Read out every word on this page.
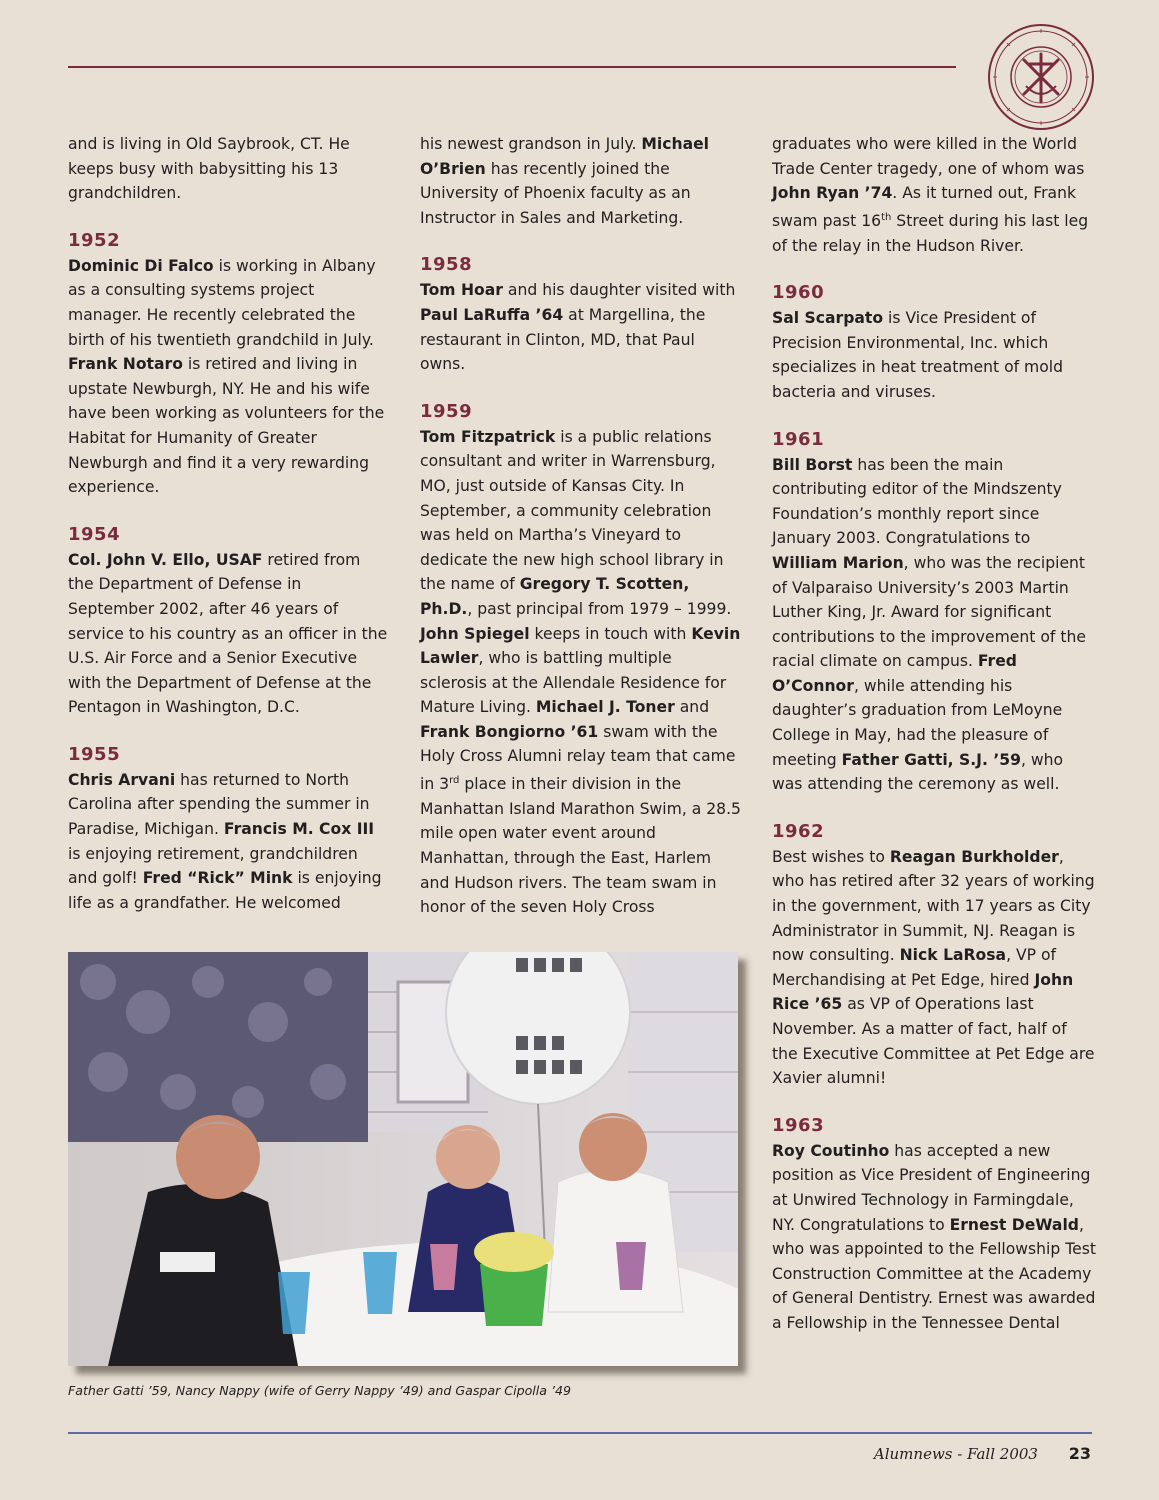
and is living in Old Saybrook, CT. He keeps busy with babysitting his 13 grandchildren.

1952

Dominic Di Falco is working in Albany as a consulting systems project manager. He recently celebrated the birth of his twentieth grandchild in July. Frank Notaro is retired and living in upstate Newburgh, NY. He and his wife have been working as volunteers for the Habitat for Humanity of Greater Newburgh and find it a very rewarding experience.

1954

Col. John V. Ello, USAF retired from the Department of Defense in September 2002, after 46 years of service to his country as an officer in the U.S. Air Force and a Senior Executive with the Department of Defense at the Pentagon in Washington, D.C.

1955

Chris Arvani has returned to North Carolina after spending the summer in Paradise, Michigan. Francis M. Cox III is enjoying retirement, grandchildren and golf! Fred “Rick” Mink is enjoying life as a grandfather. He welcomed

his newest grandson in July. Michael O’Brien has recently joined the University of Phoenix faculty as an Instructor in Sales and Marketing.

1958

Tom Hoar and his daughter visited with Paul LaRuffa ’64 at Margellina, the restaurant in Clinton, MD, that Paul owns.

1959

Tom Fitzpatrick is a public relations consultant and writer in Warrensburg, MO, just outside of Kansas City. In September, a community celebration was held on Martha’s Vineyard to dedicate the new high school library in the name of Gregory T. Scotten, Ph.D., past principal from 1979 – 1999. John Spiegel keeps in touch with Kevin Lawler, who is battling multiple sclerosis at the Allendale Residence for Mature Living. Michael J. Toner and Frank Bongiorno ’61 swam with the Holy Cross Alumni relay team that came in 3rd place in their division in the Manhattan Island Marathon Swim, a 28.5 mile open water event around Manhattan, through the East, Harlem and Hudson rivers. The team swam in honor of the seven Holy Cross

graduates who were killed in the World Trade Center tragedy, one of whom was John Ryan ’74. As it turned out, Frank swam past 16th Street during his last leg of the relay in the Hudson River.

1960

Sal Scarpato is Vice President of Precision Environmental, Inc. which specializes in heat treatment of mold bacteria and viruses.

1961

Bill Borst has been the main contributing editor of the Mindszenty Foundation’s monthly report since January 2003. Congratulations to William Marion, who was the recipient of Valparaiso University’s 2003 Martin Luther King, Jr. Award for significant contributions to the improvement of the racial climate on campus. Fred O’Connor, while attending his daughter’s graduation from LeMoyne College in May, had the pleasure of meeting Father Gatti, S.J. ’59, who was attending the ceremony as well.

1962

Best wishes to Reagan Burkholder, who has retired after 32 years of working in the government, with 17 years as City Administrator in Summit, NJ. Reagan is now consulting. Nick LaRosa, VP of Merchandising at Pet Edge, hired John Rice ’65 as VP of Operations last November. As a matter of fact, half of the Executive Committee at Pet Edge are Xavier alumni!

1963

Roy Coutinho has accepted a new position as Vice President of Engineering at Unwired Technology in Farmingdale, NY. Congratulations to Ernest DeWald, who was appointed to the Fellowship Test Construction Committee at the Academy of General Dentistry. Ernest was awarded a Fellowship in the Tennessee Dental

Father Gatti ’59, Nancy Nappy (wife of Gerry Nappy ’49) and Gaspar Cipolla ’49
Alumnews - Fall 2003 23
